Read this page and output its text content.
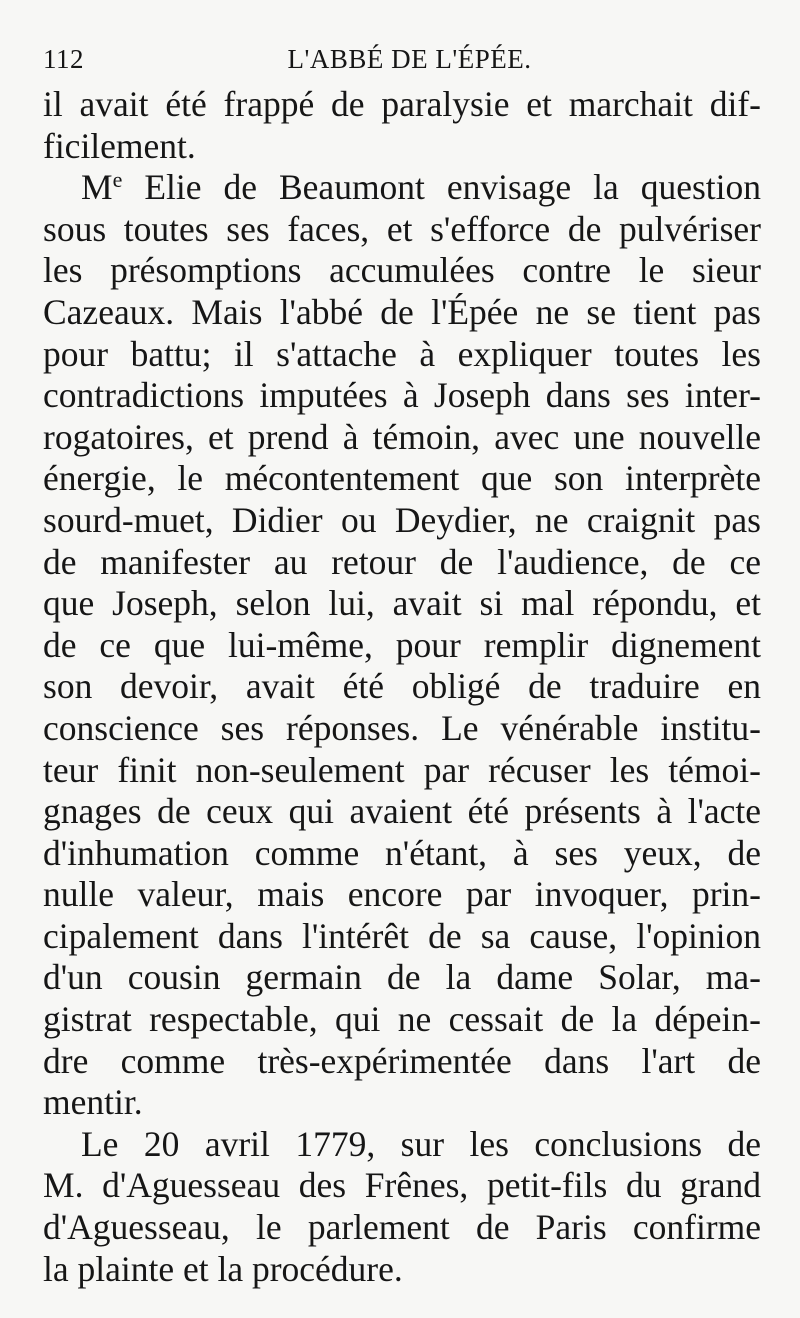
112	L'ABBÉ DE L'ÉPÉE.
il avait été frappé de paralysie et marchait dif-
ficilement.
Me Elie de Beaumont envisage la question
sous toutes ses faces, et s'efforce de pulvériser
les présomptions accumulées contre le sieur
Cazeaux. Mais l'abbé de l'Épée ne se tient pas
pour battu; il s'attache à expliquer toutes les
contradictions imputées à Joseph dans ses inter-
rogatoires, et prend à témoin, avec une nouvelle
énergie, le mécontentement que son interprète
sourd-muet, Didier ou Deydier, ne craignit pas
de manifester au retour de l'audience, de ce
que Joseph, selon lui, avait si mal répondu, et
de ce que lui-même, pour remplir dignement
son devoir, avait été obligé de traduire en
conscience ses réponses. Le vénérable institu-
teur finit non-seulement par récuser les témoi-
gnages de ceux qui avaient été présents à l'acte
d'inhumation comme n'étant, à ses yeux, de
nulle valeur, mais encore par invoquer, prin-
cipalement dans l'intérêt de sa cause, l'opinion
d'un cousin germain de la dame Solar, ma-
gistrat respectable, qui ne cessait de la dépein-
dre comme très-expérimentée dans l'art de
mentir.
Le 20 avril 1779, sur les conclusions de
M. d'Aguesseau des Frênes, petit-fils du grand
d'Aguesseau, le parlement de Paris confirme
la plainte et la procédure.
